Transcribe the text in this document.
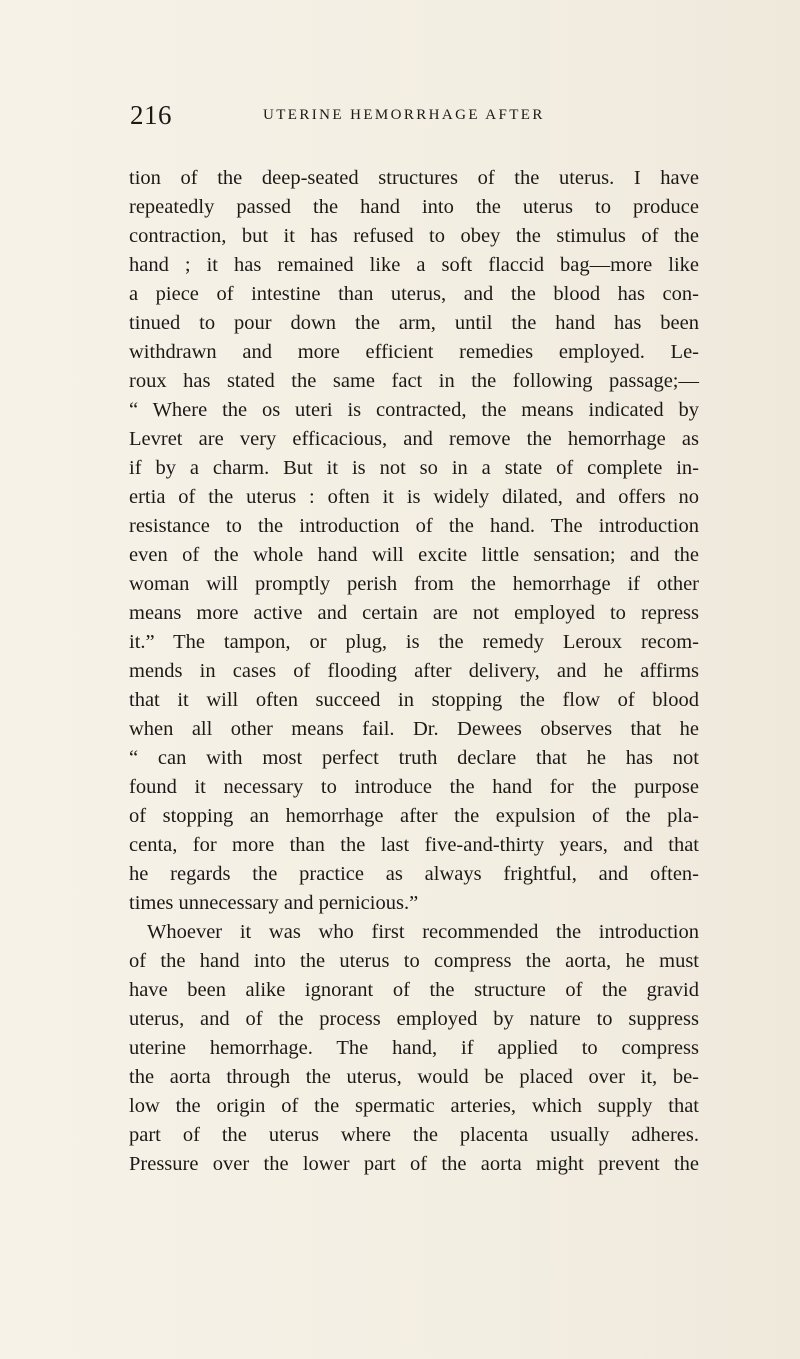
216	UTERINE HEMORRHAGE AFTER
tion of the deep-seated structures of the uterus. I have
repeatedly passed the hand into the uterus to produce
contraction, but it has refused to obey the stimulus of the
hand ; it has remained like a soft flaccid bag—more like
a piece of intestine than uterus, and the blood has con-
tinued to pour down the arm, until the hand has been
withdrawn and more efficient remedies employed. Le-
roux has stated the same fact in the following passage;—
“ Where the os uteri is contracted, the means indicated by
Levret are very efficacious, and remove the hemorrhage as
if by a charm. But it is not so in a state of complete in-
ertia of the uterus : often it is widely dilated, and offers no
resistance to the introduction of the hand. The introduction
even of the whole hand will excite little sensation; and the
woman will promptly perish from the hemorrhage if other
means more active and certain are not employed to repress
it.” The tampon, or plug, is the remedy Leroux recom-
mends in cases of flooding after delivery, and he affirms
that it will often succeed in stopping the flow of blood
when all other means fail. Dr. Dewees observes that he
“ can with most perfect truth declare that he has not
found it necessary to introduce the hand for the purpose
of stopping an hemorrhage after the expulsion of the pla-
centa, for more than the last five-and-thirty years, and that
he regards the practice as always frightful, and often-
times unnecessary and pernicious.”
Whoever it was who first recommended the introduction
of the hand into the uterus to compress the aorta, he must
have been alike ignorant of the structure of the gravid
uterus, and of the process employed by nature to suppress
uterine hemorrhage. The hand, if applied to compress
the aorta through the uterus, would be placed over it, be-
low the origin of the spermatic arteries, which supply that
part of the uterus where the placenta usually adheres.
Pressure over the lower part of the aorta might prevent the
